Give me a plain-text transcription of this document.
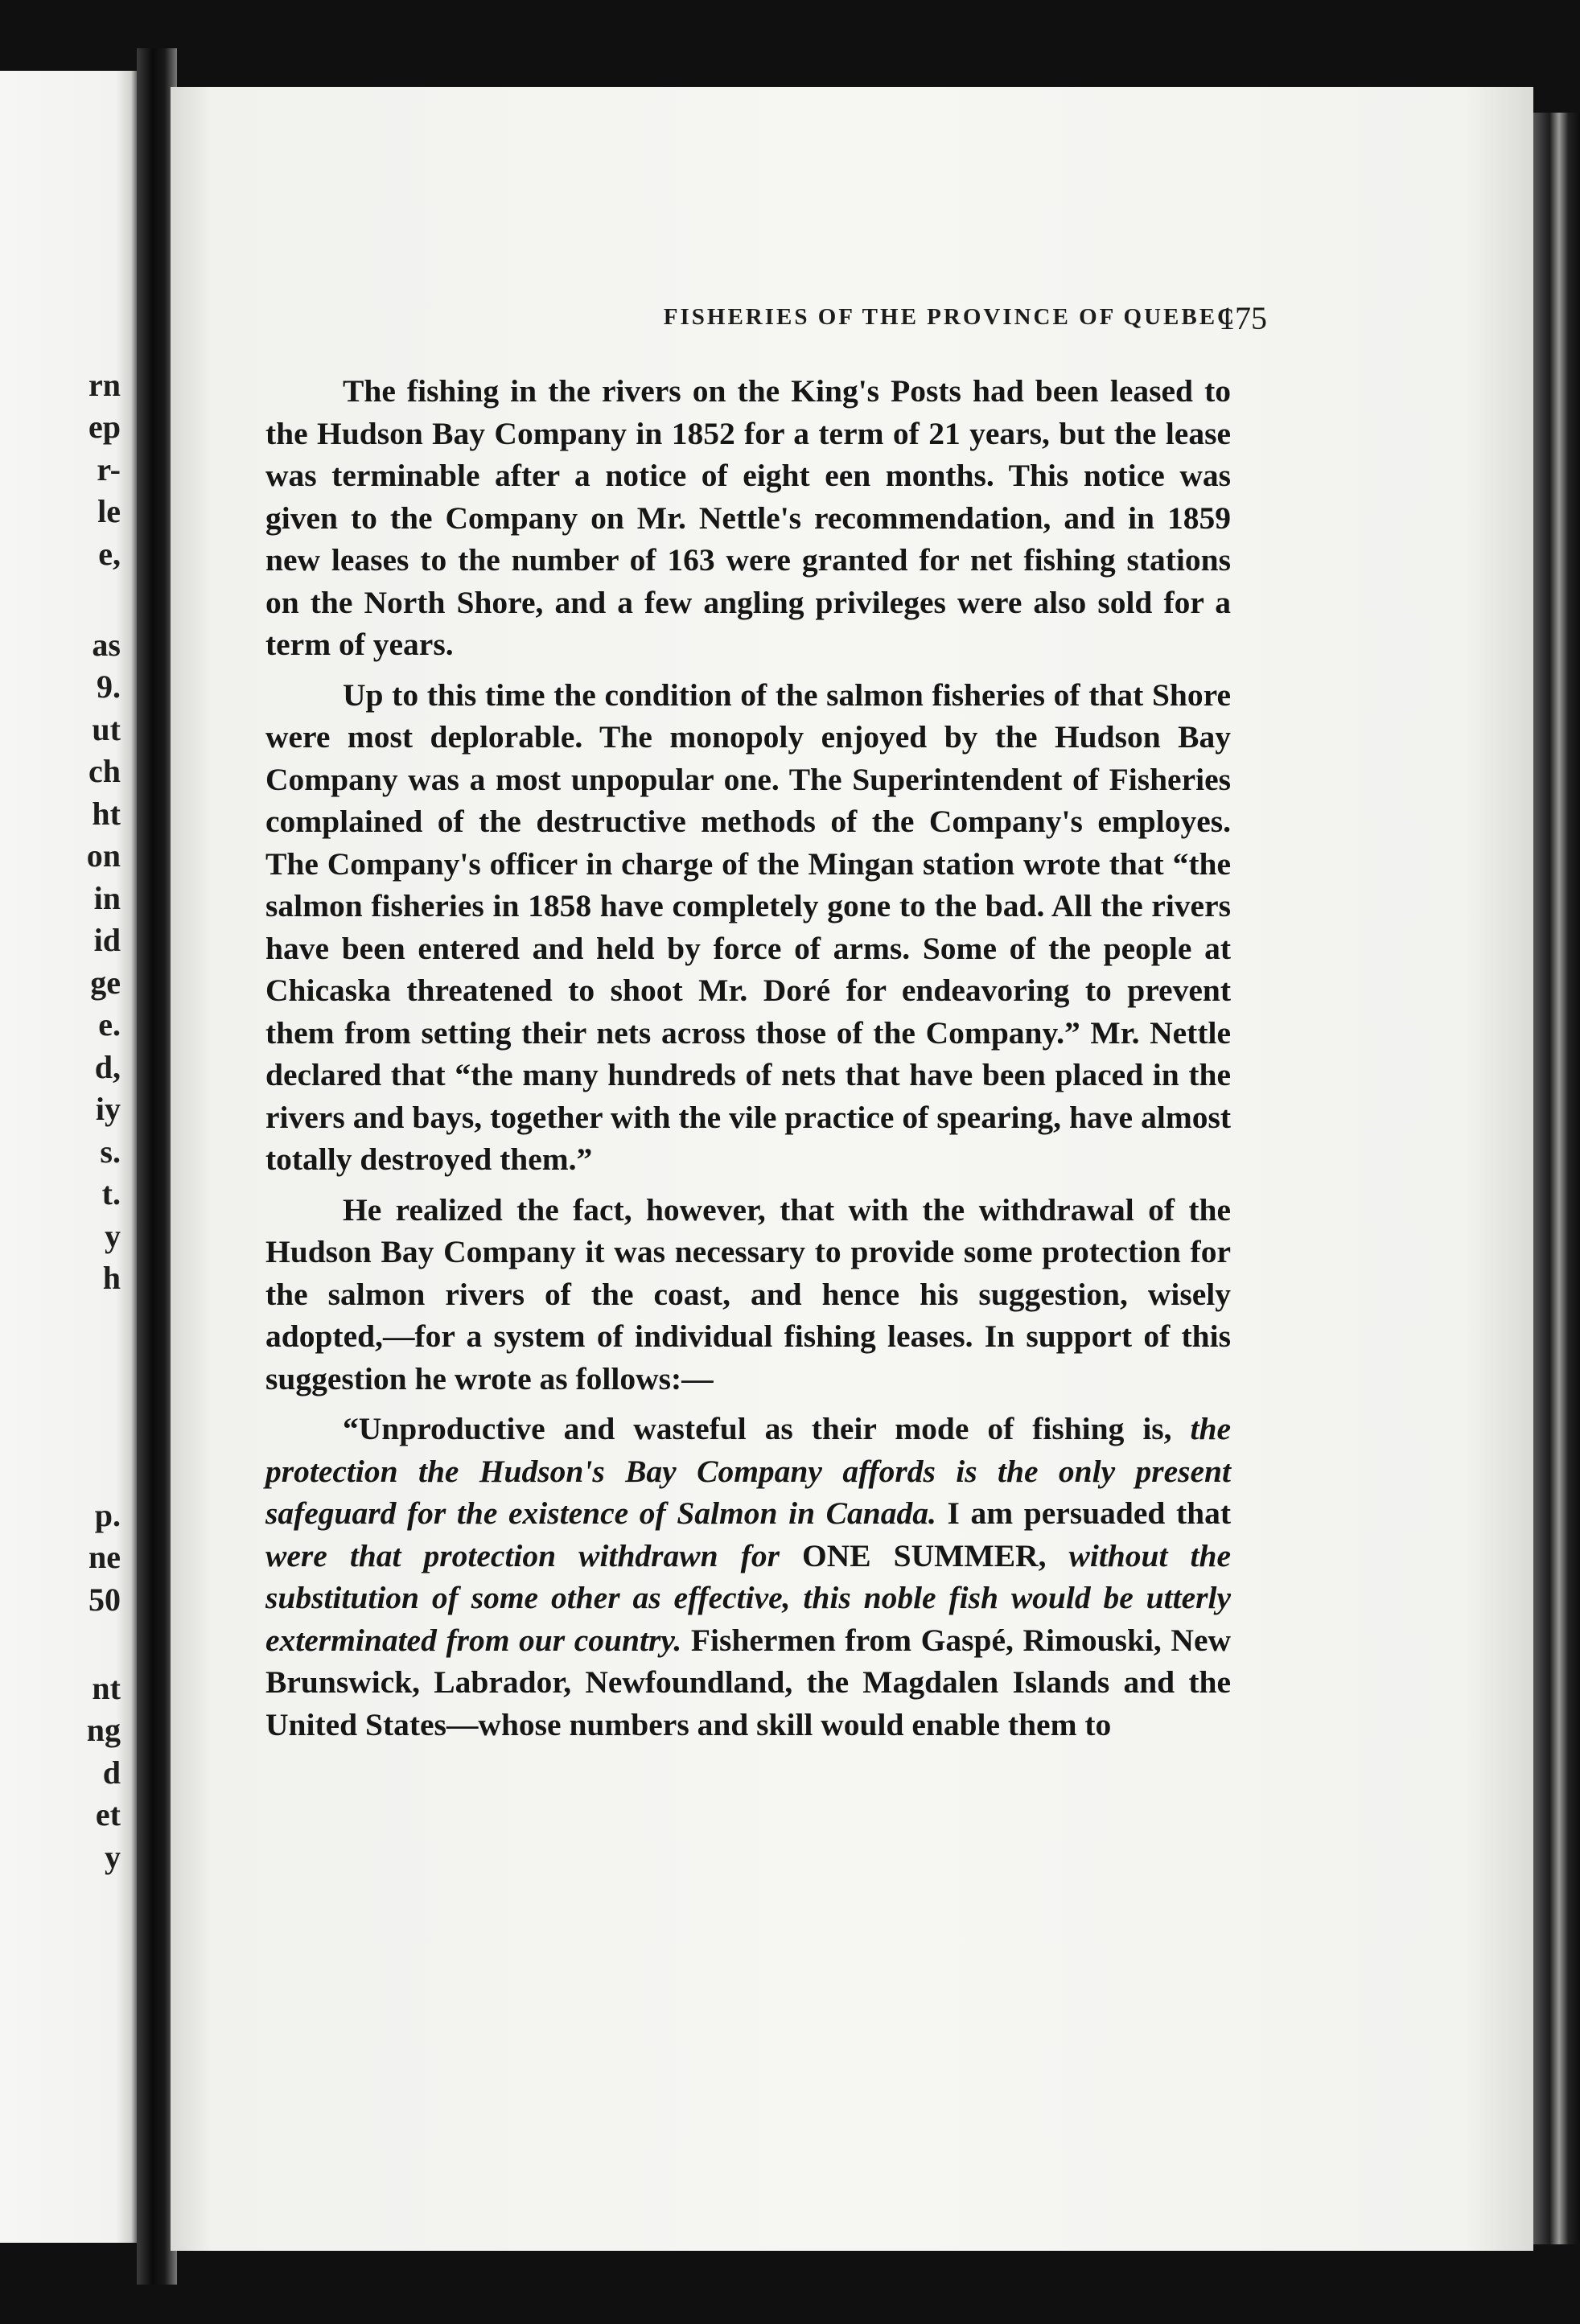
rn
ep
r-
le
e,
as
9.
ut
ch
ht
on
in
id
ge
e.
d,
iy
s.
t.
y
h
p.
ne
50
nt
ng
d
et
y
FISHERIES OF THE PROVINCE OF QUEBEC
175

The fishing in the rivers on the King's Posts had been leased to the Hudson Bay Company in 1852 for a term of 21 years, but the lease was terminable after a notice of eight een months. This notice was given to the Company on Mr. Nettle's recommendation, and in 1859 new leases to the number of 163 were granted for net fishing stations on the North Shore, and a few angling privileges were also sold for a term of years.

Up to this time the condition of the salmon fisheries of that Shore were most deplorable. The monopoly enjoyed by the Hudson Bay Company was a most unpopular one. The Superintendent of Fisheries complained of the destructive methods of the Company's employes. The Company's officer in charge of the Mingan station wrote that “the salmon fisheries in 1858 have completely gone to the bad. All the rivers have been entered and held by force of arms. Some of the people at Chicaska threatened to shoot Mr. Doré for endeavoring to prevent them from setting their nets across those of the Company.” Mr. Nettle declared that “the many hundreds of nets that have been placed in the rivers and bays, together with the vile practice of spearing, have almost totally destroyed them.”

He realized the fact, however, that with the withdrawal of the Hudson Bay Company it was necessary to provide some protection for the salmon rivers of the coast, and hence his suggestion, wisely adopted,—for a system of individual fishing leases. In support of this suggestion he wrote as follows:—

“Unproductive and wasteful as their mode of fishing is, the protection the Hudson's Bay Company affords is the only present safeguard for the existence of Salmon in Canada. I am persuaded that were that protection withdrawn for ONE SUMMER, without the substitution of some other as effective, this noble fish would be utterly exterminated from our country. Fishermen from Gaspé, Rimouski, New Brunswick, Labrador, Newfoundland, the Magdalen Islands and the United States—whose numbers and skill would enable them to
